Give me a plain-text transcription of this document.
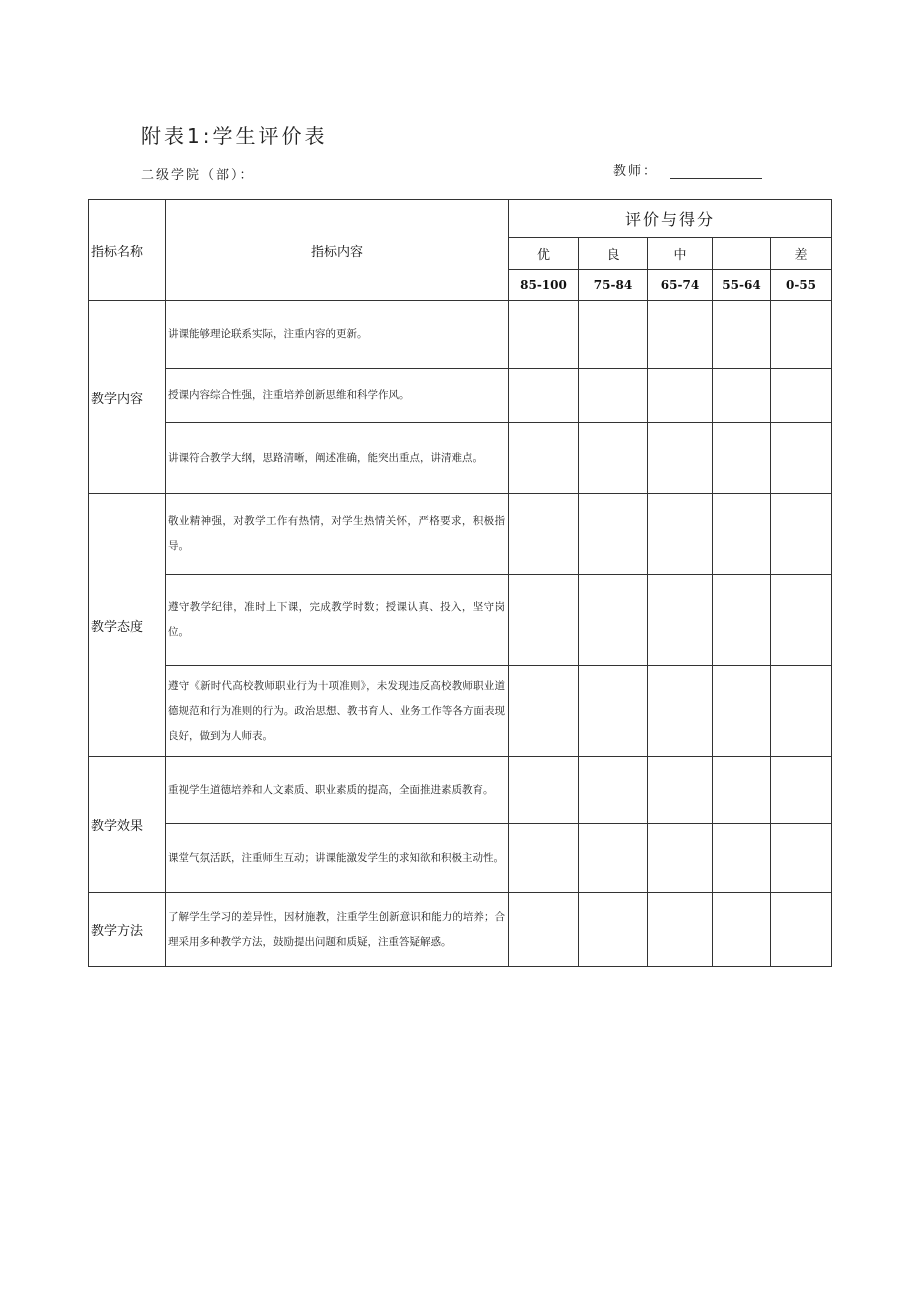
附表1:学生评价表
二级学院（部）：	教师：
指标名称	指标内容	评价与得分				
		优	良	中		差
		85-100	75-84	65-74	55-64	0-55
教学内容	讲课能够理论联系实际，注重内容的更新。					
	授课内容综合性强，注重培养创新思维和科学作风。					
	讲课符合教学大纲，思路清晰，阐述准确，能突出重点，讲清难点。					
教学态度	敬业精神强，对教学工作有热情，对学生热情关怀，严格要求，积极指导。					
	遵守教学纪律，准时上下课，完成教学时数；授课认真、投入，坚守岗位。					
	遵守《新时代高校教师职业行为十项准则》，未发现违反高校教师职业道德规范和行为准则的行为。政治思想、教书育人、业务工作等各方面表现良好，做到为人师表。					
教学效果	重视学生道德培养和人文素质、职业素质的提高，全面推进素质教育。					
	课堂气氛活跃，注重师生互动；讲课能激发学生的求知欲和积极主动性。					
教学方法	了解学生学习的差异性，因材施教，注重学生创新意识和能力的培养；合理采用多种教学方法，鼓励提出问题和质疑，注重答疑解惑。					
